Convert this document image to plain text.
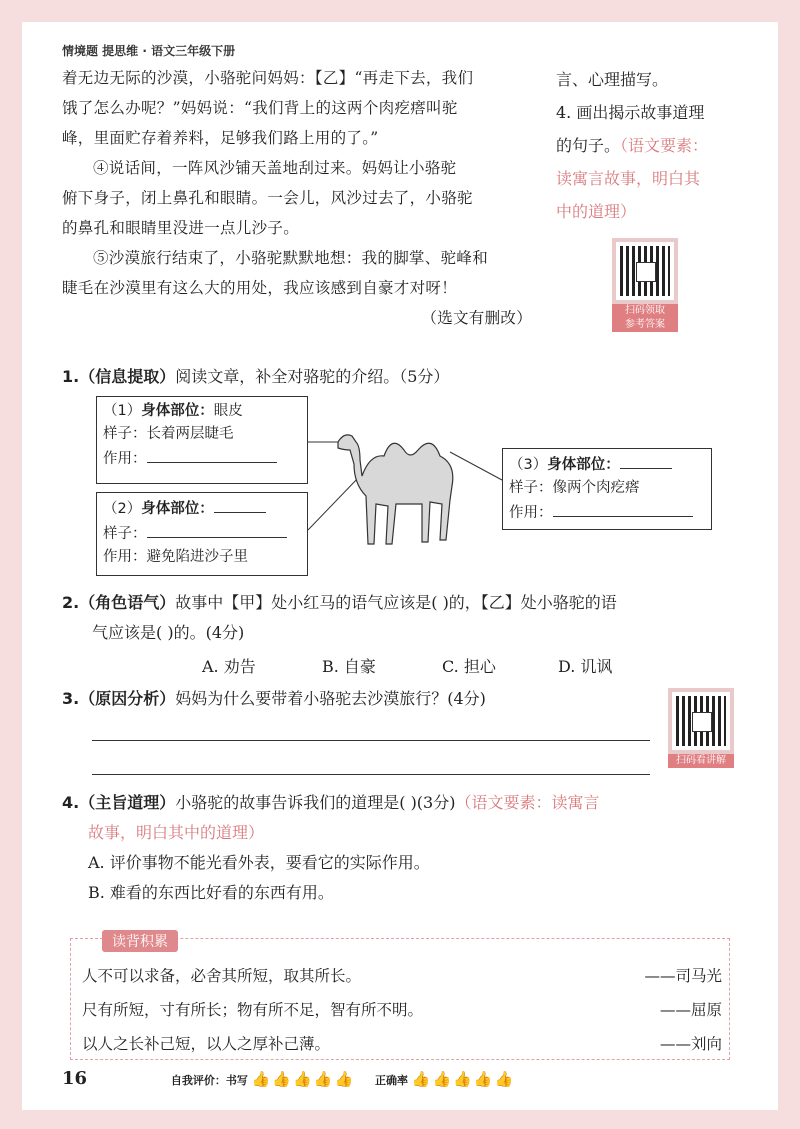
情境题 提思维 · 语文三年级下册

着无边无际的沙漠，小骆驼问妈妈：【乙】“再走下去，我们

饿了怎么办呢？”妈妈说：“我们背上的这两个肉疙瘩叫驼

峰，里面贮存着养料，足够我们路上用的了。”

④说话间，一阵风沙铺天盖地刮过来。妈妈让小骆驼

俯下身子，闭上鼻孔和眼睛。一会儿，风沙过去了，小骆驼

的鼻孔和眼睛里没进一点儿沙子。

⑤沙漠旅行结束了，小骆驼默默地想：我的脚掌、驼峰和

睫毛在沙漠里有这么大的用处，我应该感到自豪才对呀！

（选文有删改）

言、心理描写。

4. 画出揭示故事道理

的句子。（语文要素：

读寓言故事，明白其

中的道理）

扫码领取
参考答案
1.（信息提取）阅读文章，补全对骆驼的介绍。（5分）
（1）身体部位：眼皮
样子：长着两层睫毛
作用：
（2）身体部位：
样子：
作用：避免陷进沙子里
（3）身体部位：
样子：像两个肉疙瘩
作用：
2.（角色语气）故事中【甲】处小红马的语气应该是( )的，【乙】处小骆驼的语
气应该是( )的。(4分)
A. 劝告	B. 自豪	C. 担心	D. 讥讽
3.（原因分析）妈妈为什么要带着小骆驼去沙漠旅行？(4分)
扫码看讲解
4.（主旨道理）小骆驼的故事告诉我们的道理是( )(3分)（语文要素：读寓言
故事，明白其中的道理）
A. 评价事物不能光看外表，要看它的实际作用。
B. 难看的东西比好看的东西有用。
读背积累
人不可以求备，必舍其所短，取其所长。	——司马光
尺有所短，寸有所长；物有所不足，智有所不明。	——屈原
以人之长补己短，以人之厚补己薄。	——刘向
16	自我评价：书写 👍👍👍👍👍 正确率 👍👍👍👍👍
